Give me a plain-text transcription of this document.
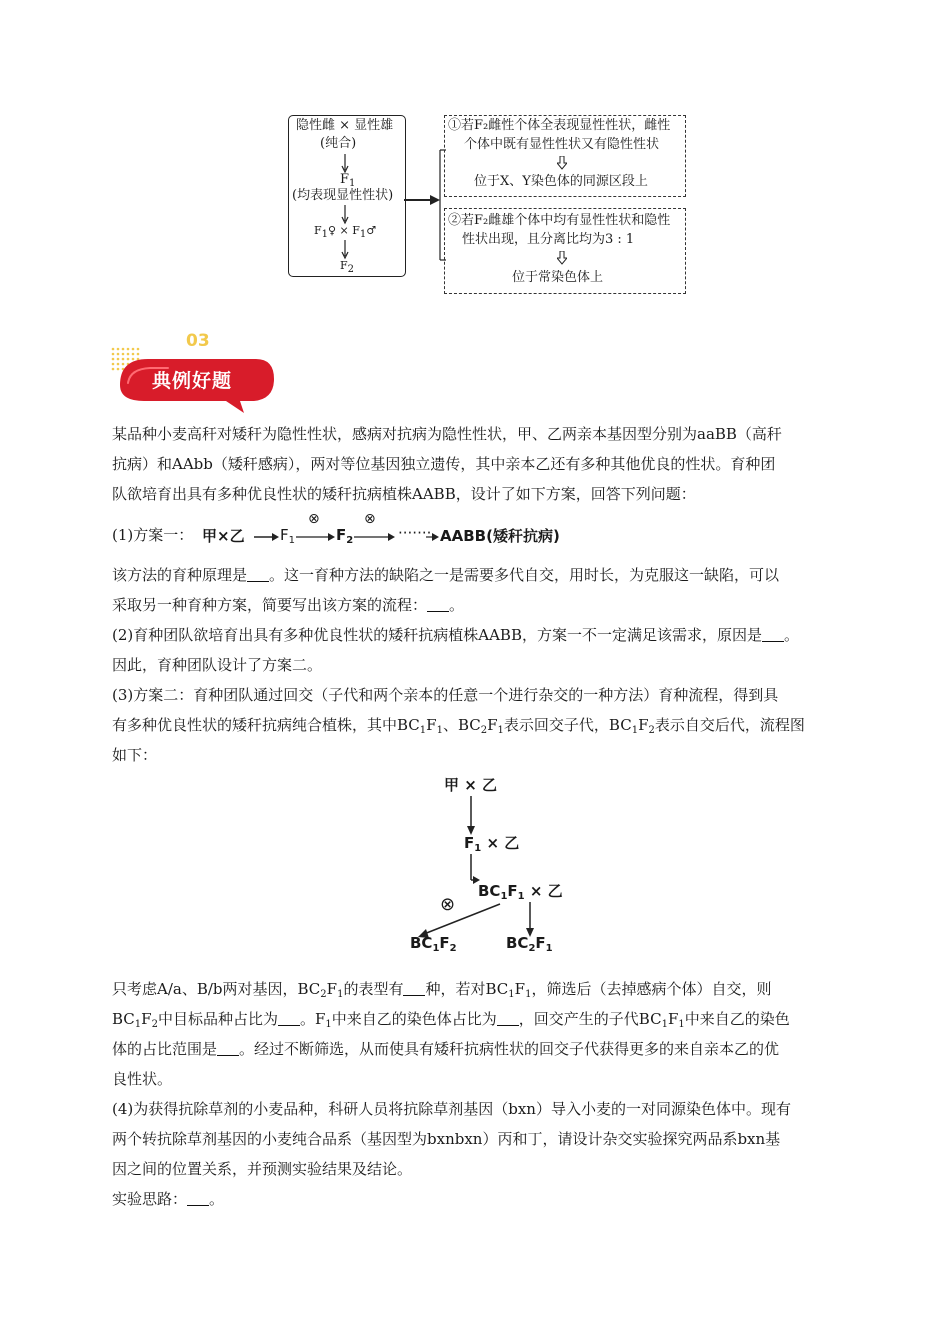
隐性雌 × 显性雄
(纯合)
$F_1$
(均表现显性性状)
$F_1♀$ × $F_1♂$
$F_2$
①若F₂雌性个体全表现显性性状，雌性
个体中既有显性性状又有隐性性状
位于X、Y染色体的同源区段上
②若F₂雌雄个体中均有显性性状和隐性
性状出现，且分离比均为3 : 1
位于常染色体上
03
典例好题
某品种小麦高秆对矮秆为隐性性状，感病对抗病为隐性性状，甲、乙两亲本基因型分别为aaBB（高秆
抗病）和AAbb（矮秆感病），两对等位基因独立遗传，其中亲本乙还有多种其他优良的性状。育种团
队欲培育出具有多种优良性状的矮秆抗病植株AABB，设计了如下方案，回答下列问题：
(1)方案一： 甲×乙 $F_1$
⊗
$F_2$
⊗
······· AABB(矮秆抗病)
该方法的育种原理是 。这一育种方法的缺陷之一是需要多代自交，用时长，为克服这一缺陷，可以
采取另一种育种方案，简要写出该方案的流程： 。
(2)育种团队欲培育出具有多种优良性状的矮秆抗病植株AABB，方案一不一定满足该需求，原因是 。
因此，育种团队设计了方案二。
(3)方案二：育种团队通过回交（子代和两个亲本的任意一个进行杂交的一种方法）育种流程，得到具
有多种优良性状的矮秆抗病纯合植株，其中$BC_1F_1$、$BC_2F_1$表示回交子代，$BC_1F_2$表示自交后代，流程图
如下：
甲 × 乙
$F_1$ × 乙
$BC_1F_1$ × 乙
⊗
$BC_1F_2$	$BC_2F_1$
只考虑A/a、B/b两对基因，$BC_2F_1$的表型有 种，若对$BC_1F_1$，筛选后（去掉感病个体）自交，则
$BC_1F_2$中目标品种占比为 。$F_1$中来自乙的染色体占比为 ，回交产生的子代$BC_1F_1$中来自乙的染色
体的占比范围是 。经过不断筛选，从而使具有矮秆抗病性状的回交子代获得更多的来自亲本乙的优
良性状。
(4)为获得抗除草剂的小麦品种，科研人员将抗除草剂基因（bxn）导入小麦的一对同源染色体中。现有
两个转抗除草剂基因的小麦纯合品系（基因型为bxnbxn）丙和丁，请设计杂交实验探究两品系bxn基
因之间的位置关系，并预测实验结果及结论。
实验思路： 。
